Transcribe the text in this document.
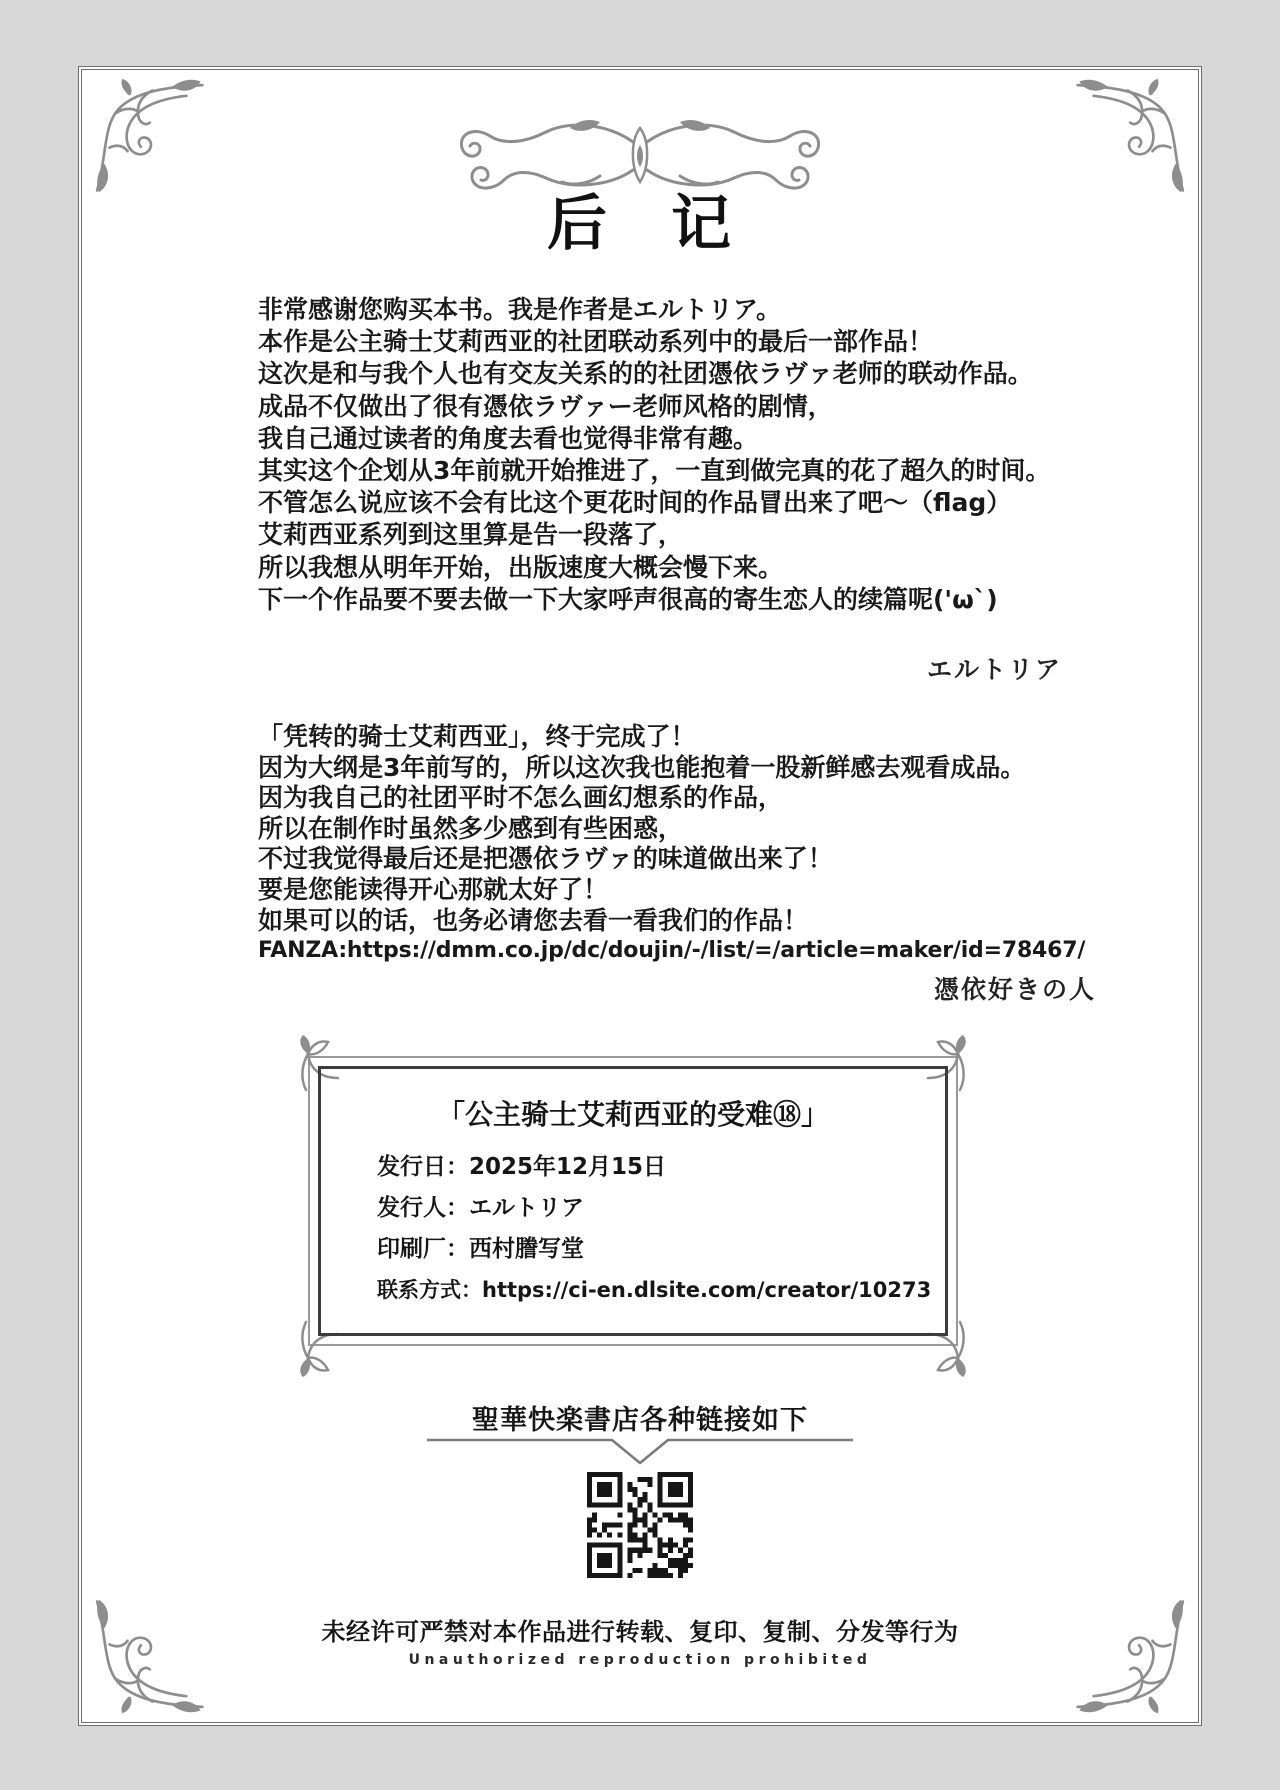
后　记
非常感谢您购买本书。我是作者是エルトリア。
本作是公主骑士艾莉西亚的社团联动系列中的最后一部作品！
这次是和与我个人也有交友关系的的社团憑依ラヴァ老师的联动作品。
成品不仅做出了很有憑依ラヴァー老师风格的剧情，
我自己通过读者的角度去看也觉得非常有趣。
其实这个企划从3年前就开始推进了，一直到做完真的花了超久的时间。
不管怎么说应该不会有比这个更花时间的作品冒出来了吧～（flag）
艾莉西亚系列到这里算是告一段落了，
所以我想从明年开始，出版速度大概会慢下来。
下一个作品要不要去做一下大家呼声很高的寄生恋人的续篇呢('ω`)
エルトリア
「凭转的骑士艾莉西亚」，终于完成了！
因为大纲是3年前写的，所以这次我也能抱着一股新鲜感去观看成品。
因为我自己的社团平时不怎么画幻想系的作品，
所以在制作时虽然多少感到有些困惑，
不过我觉得最后还是把憑依ラヴァ的味道做出来了！
要是您能读得开心那就太好了！
如果可以的话，也务必请您去看一看我们的作品！
FANZA:https://dmm.co.jp/dc/doujin/-/list/=/article=maker/id=78467/
憑依好きの人
「公主骑士艾莉西亚的受难⑱」
发行日：2025年12月15日
发行人：エルトリア
印刷厂：西村謄写堂
联系方式：https://ci-en.dlsite.com/creator/10273
聖華快楽書店各种链接如下
未经许可严禁对本作品进行转载、复印、复制、分发等行为
Unauthorized reproduction prohibited
